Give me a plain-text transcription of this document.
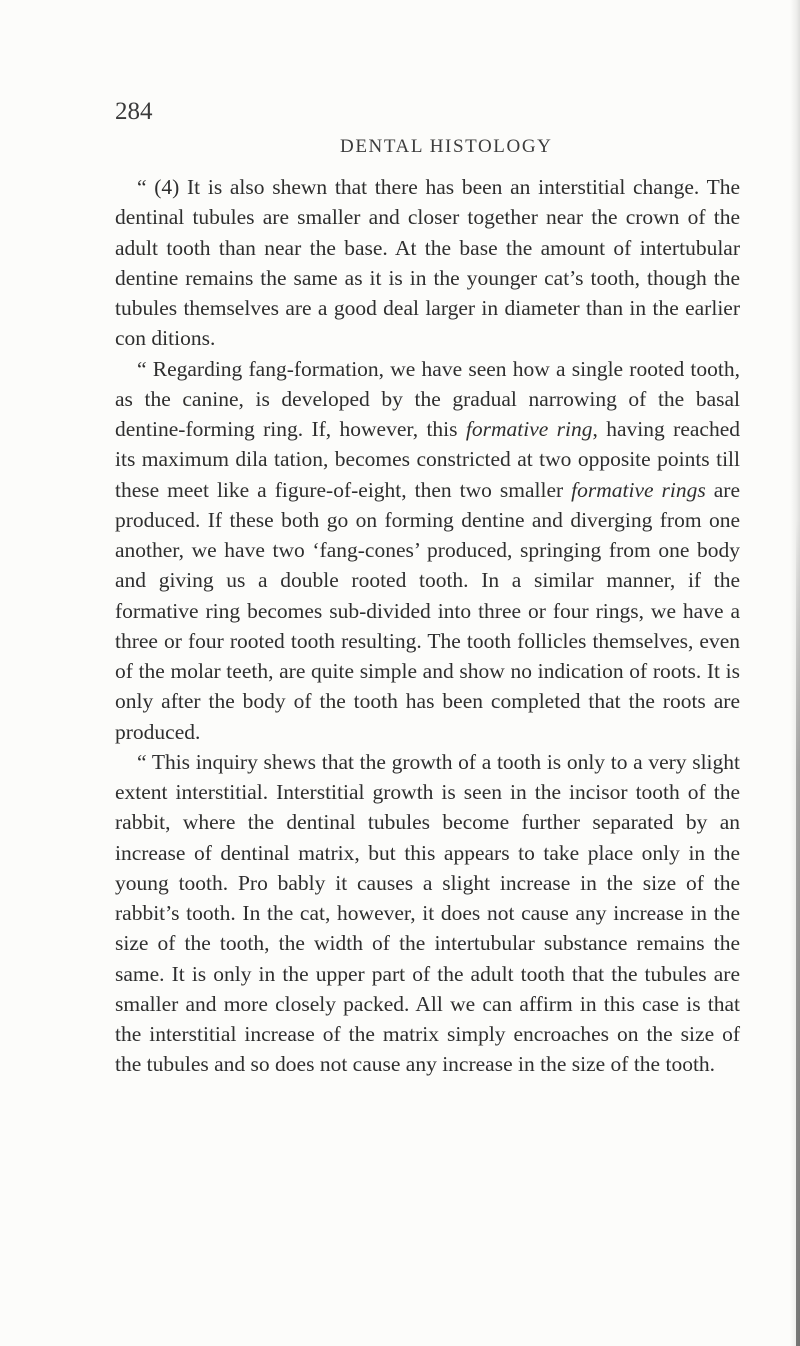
284
DENTAL HISTOLOGY

“ (4) It is also shewn that there has been an interstitial change. The dentinal tubules are smaller and closer together near the crown of the adult tooth than near the base. At the base the amount of intertubular dentine remains the same as it is in the younger cat’s tooth, though the tubules themselves are a good deal larger in diameter than in the earlier con ditions.

“ Regarding fang-formation, we have seen how a single rooted tooth, as the canine, is developed by the gradual narrowing of the basal dentine-forming ring. If, however, this formative ring, having reached its maximum dila tation, becomes constricted at two opposite points till these meet like a figure-of-eight, then two smaller formative rings are produced. If these both go on forming dentine and diverging from one another, we have two ‘fang-cones’ produced, springing from one body and giving us a double rooted tooth. In a similar manner, if the formative ring becomes sub-divided into three or four rings, we have a three or four rooted tooth resulting. The tooth follicles themselves, even of the molar teeth, are quite simple and show no indication of roots. It is only after the body of the tooth has been completed that the roots are produced.

“ This inquiry shews that the growth of a tooth is only to a very slight extent interstitial. Interstitial growth is seen in the incisor tooth of the rabbit, where the dentinal tubules become further separated by an increase of dentinal matrix, but this appears to take place only in the young tooth. Pro bably it causes a slight increase in the size of the rabbit’s tooth. In the cat, however, it does not cause any increase in the size of the tooth, the width of the intertubular substance remains the same. It is only in the upper part of the adult tooth that the tubules are smaller and more closely packed. All we can affirm in this case is that the interstitial increase of the matrix simply encroaches on the size of the tubules and so does not cause any increase in the size of the tooth.
